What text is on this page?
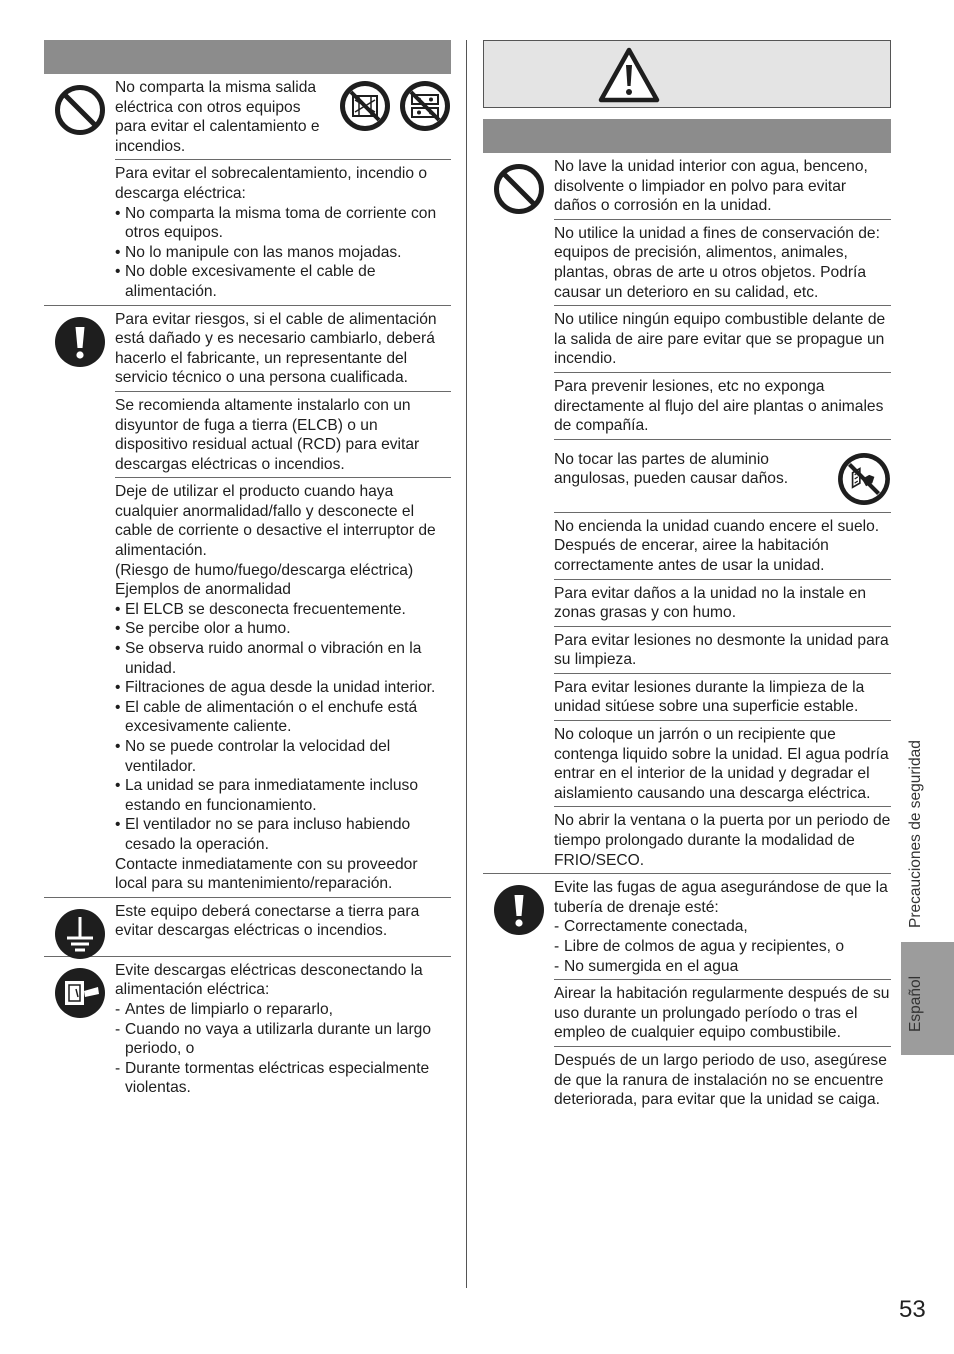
No comparta la misma salida eléctrica con otros equipos para evitar el calentamiento e incendios.
Para evitar el sobrecalentamiento, incendio o descarga eléctrica:
• No comparta la misma toma de corriente con otros equipos.
• No lo manipule con las manos mojadas.
• No doble excesivamente el cable de alimentación.
Para evitar riesgos, si el cable de alimentación está dañado y es necesario cambiarlo, deberá hacerlo el fabricante, un representante del servicio técnico o una persona cualificada.
Se recomienda altamente instalarlo con un disyuntor de fuga a tierra (ELCB) o un dispositivo residual actual (RCD) para evitar descargas eléctricas o incendios.
Deje de utilizar el producto cuando haya cualquier anormalidad/fallo y desconecte el cable de corriente o desactive el interruptor de alimentación.
(Riesgo de humo/fuego/descarga eléctrica)
Ejemplos de anormalidad
• El ELCB se desconecta frecuentemente.
• Se percibe olor a humo.
• Se observa ruido anormal o vibración en la unidad.
• Filtraciones de agua desde la unidad interior.
• El cable de alimentación o el enchufe está excesivamente caliente.
• No se puede controlar la velocidad del ventilador.
• La unidad se para inmediatamente incluso estando en funcionamiento.
• El ventilador no se para incluso habiendo cesado la operación.
Contacte inmediatamente con su proveedor local para su mantenimiento/reparación.
Este equipo deberá conectarse a tierra para evitar descargas eléctricas o incendios.
Evite descargas eléctricas desconectando la alimentación eléctrica:
- Antes de limpiarlo o repararlo,
- Cuando no vaya a utilizarla durante un largo periodo, o
- Durante tormentas eléctricas especialmente violentas.
No lave la unidad interior con agua, benceno, disolvente o limpiador en polvo para evitar daños o corrosión en la unidad.
No utilice la unidad a fines de conservación de: equipos de precisión, alimentos, animales, plantas, obras de arte u otros objetos. Podría causar un deterioro en su calidad, etc.
No utilice ningún equipo combustible delante de la salida de aire pare evitar que se propague un incendio.
Para prevenir lesiones, etc no exponga directamente al flujo del aire plantas o animales de compañía.
No tocar las partes de aluminio angulosas, pueden causar daños.
No encienda la unidad cuando encere el suelo. Después de encerar, airee la habitación correctamente antes de usar la unidad.
Para evitar daños a la unidad no la instale en zonas grasas y con humo.
Para evitar lesiones no desmonte la unidad para su limpieza.
Para evitar lesiones durante la limpieza de la unidad sitúese sobre una superficie estable.
No coloque un jarrón o un recipiente que contenga liquido sobre la unidad. El agua podría entrar en el interior de la unidad y degradar el aislamiento causando una descarga eléctrica.
No abrir la ventana o la puerta por un periodo de tiempo prolongado durante la modalidad de FRIO/SECO.
Evite las fugas de agua asegurándose de que la tubería de drenaje esté:
- Correctamente conectada,
- Libre de colmos de agua y recipientes, o
- No sumergida en el agua
Airear la habitación regularmente después de su uso durante un prolungado período o tras el empleo de cualquier equipo combustibile.
Después de un largo periodo de uso, asegúrese de que la ranura de instalación no se encuentre deteriorada, para evitar que la unidad se caiga.
Precauciones de seguridad
Español
53
